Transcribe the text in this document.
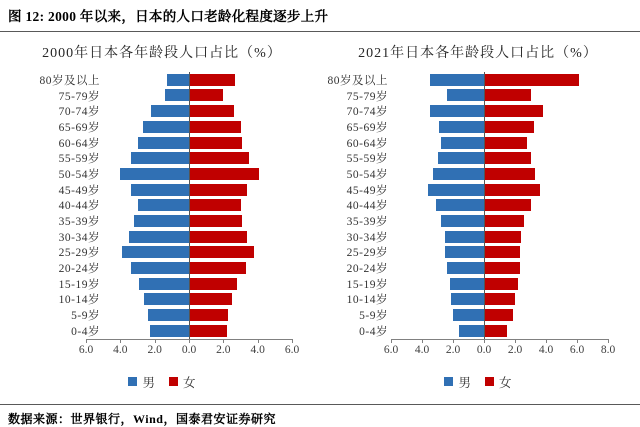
图 12: 2000 年以来，日本的人口老龄化程度逐步上升
2000年日本各年龄段人口占比（%）
80岁及以上
75-79岁
70-74岁
65-69岁
60-64岁
55-59岁
50-54岁
45-49岁
40-44岁
35-39岁
30-34岁
25-29岁
20-24岁
15-19岁
10-14岁
5-9岁
0-4岁
6.0 4.0 2.0 0.0 2.0 4.0 6.0
男 女
2021年日本各年龄段人口占比（%）
80岁及以上
75-79岁
70-74岁
65-69岁
60-64岁
55-59岁
50-54岁
45-49岁
40-44岁
35-39岁
30-34岁
25-29岁
20-24岁
15-19岁
10-14岁
5-9岁
0-4岁
6.0 4.0 2.0 0.0 2.0 4.0 6.0 8.0
男 女
数据来源：世界银行，Wind，国泰君安证券研究
